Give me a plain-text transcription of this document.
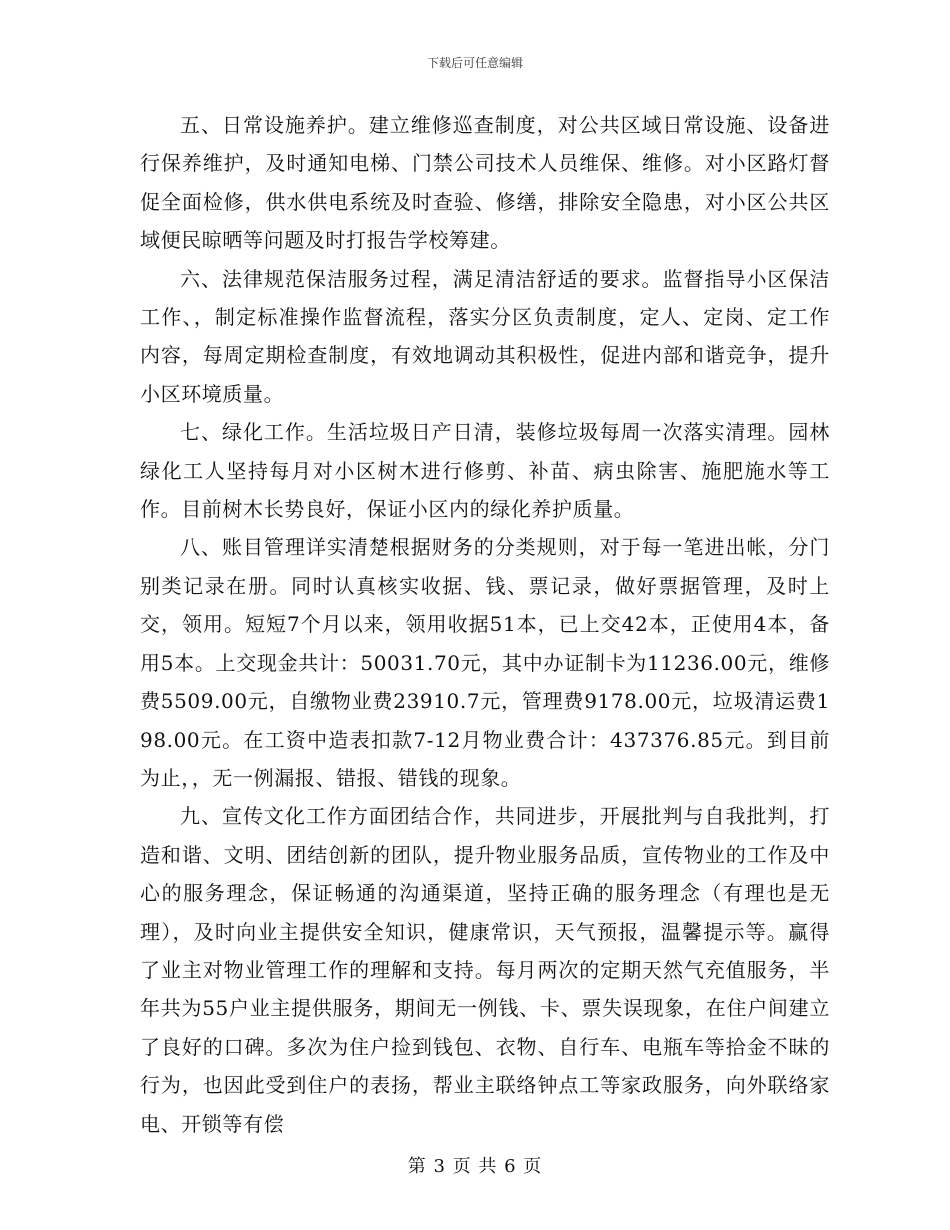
下载后可任意编辑

五、日常设施养护。建立维修巡查制度，对公共区域日常设施、设备进行保养维护，及时通知电梯、门禁公司技术人员维保、维修。对小区路灯督促全面检修，供水供电系统及时查验、修缮，排除安全隐患，对小区公共区域便民晾晒等问题及时打报告学校筹建。

六、法律规范保洁服务过程，满足清洁舒适的要求。监督指导小区保洁工作、，制定标准操作监督流程，落实分区负责制度，定人、定岗、定工作内容，每周定期检查制度，有效地调动其积极性，促进内部和谐竞争，提升小区环境质量。

七、绿化工作。生活垃圾日产日清，装修垃圾每周一次落实清理。园林绿化工人坚持每月对小区树木进行修剪、补苗、病虫除害、施肥施水等工作。目前树木长势良好，保证小区内的绿化养护质量。

八、账目管理详实清楚根据财务的分类规则，对于每一笔进出帐，分门别类记录在册。同时认真核实收据、钱、票记录，做好票据管理，及时上交，领用。短短7个月以来，领用收据51本，已上交42本，正使用4本，备用5本。上交现金共计：50031.70元，其中办证制卡为11236.00元，维修费5509.00元，自缴物业费23910.7元，管理费9178.00元，垃圾清运费198.00元。在工资中造表扣款7-12月物业费合计：437376.85元。到目前为止，，无一例漏报、错报、错钱的现象。

九、宣传文化工作方面团结合作，共同进步，开展批判与自我批判，打造和谐、文明、团结创新的团队，提升物业服务品质，宣传物业的工作及中心的服务理念，保证畅通的沟通渠道，坚持正确的服务理念（有理也是无理），及时向业主提供安全知识，健康常识，天气预报，温馨提示等。赢得了业主对物业管理工作的理解和支持。每月两次的定期天然气充值服务，半年共为55户业主提供服务，期间无一例钱、卡、票失误现象，在住户间建立了良好的口碑。多次为住户捡到钱包、衣物、自行车、电瓶车等拾金不昧的行为，也因此受到住户的表扬，帮业主联络钟点工等家政服务，向外联络家电、开锁等有偿

第 3 页 共 6 页
